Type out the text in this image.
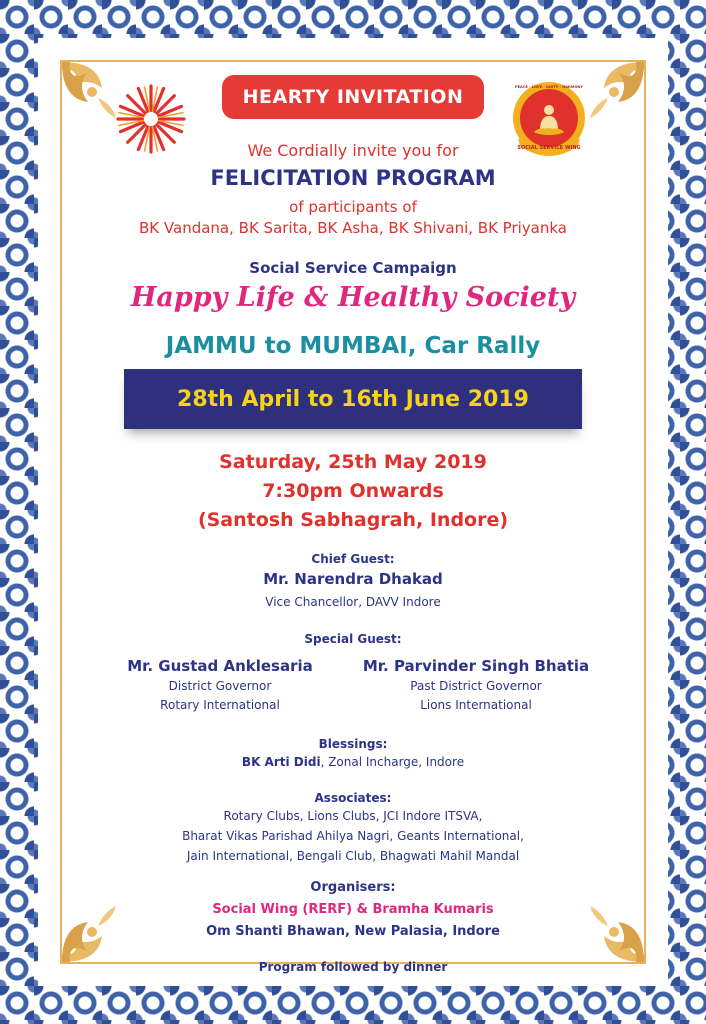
PEACE · LOVE · UNITY · HARMONY
SOCIAL SERVICE WING
HEARTY INVITATION
We Cordially invite you for
FELICITATION PROGRAM
of participants of
BK Vandana, BK Sarita, BK Asha, BK Shivani, BK Priyanka
Social Service Campaign
Happy Life & Healthy Society
JAMMU to MUMBAI, Car Rally
28th April to 16th June 2019
Saturday, 25th May 2019
7:30pm Onwards
(Santosh Sabhagrah, Indore)
Chief Guest:
Mr. Narendra Dhakad
Vice Chancellor, DAVV Indore
Special Guest:
Mr. Gustad Anklesaria
District Governor
Rotary International
Mr. Parvinder Singh Bhatia
Past District Governor
Lions International
Blessings:
BK Arti Didi, Zonal Incharge, Indore
Associates:
Rotary Clubs, Lions Clubs, JCI Indore ITSVA,
Bharat Vikas Parishad Ahilya Nagri, Geants International,
Jain International, Bengali Club, Bhagwati Mahil Mandal
Organisers:
Social Wing (RERF) & Bramha Kumaris
Om Shanti Bhawan, New Palasia, Indore
Program followed by dinner
